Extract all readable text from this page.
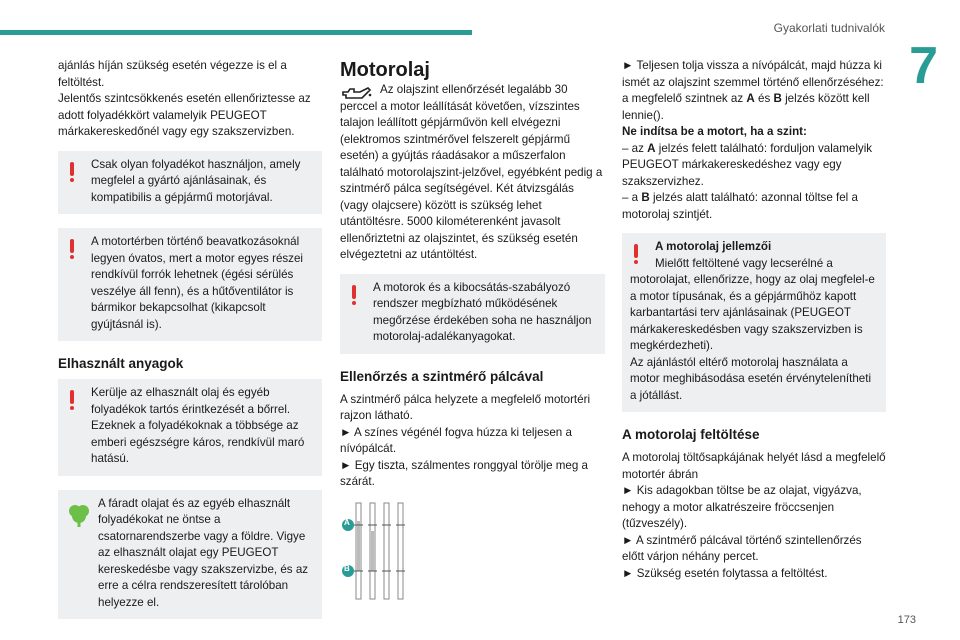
Gyakorlati tudnivalók
7
173

ajánlás híján szükség esetén végezze is el a feltöltést.

Jelentős szintcsökkenés esetén ellenőriztesse az adott folyadékkört valamelyik PEUGEOT márkakereskedőnél vagy egy szakszervizben.

Csak olyan folyadékot használjon, amely megfelel a gyártó ajánlásainak, és kompatibilis a gépjármű motorjával.
A motortérben történő beavatkozásoknál legyen óvatos, mert a motor egyes részei rendkívül forrók lehetnek (égési sérülés veszélye áll fenn), és a hűtőventilátor is bármikor bekapcsolhat (kikapcsolt gyújtásnál is).
Elhasznált anyagok
Kerülje az elhasznált olaj és egyéb folyadékok tartós érintkezését a bőrrel. Ezeknek a folyadékoknak a többsége az emberi egészségre káros, rendkívül maró hatású.
A fáradt olajat és az egyéb elhasznált folyadékokat ne öntse a csatornarendszerbe vagy a földre. Vigye az elhasznált olajat egy PEUGEOT kereskedésbe vagy szakszervizbe, és az erre a célra rendszeresített tárolóban helyezze el.
Motorolaj

Az olajszint ellenőrzését legalább 30 perccel a motor leállítását követően, vízszintes talajon leállított gépjárművön kell elvégezni (elektromos szintmérővel felszerelt gépjármű esetén) a gyújtás ráadásakor a műszerfalon található motorolajszint-jelzővel, egyébként pedig a szintmérő pálca segítségével. Két átvizsgálás (vagy olajcsere) között is szükség lehet utántöltésre. 5000 kilométerenként javasolt ellenőriztetni az olajszintet, és szükség esetén elvégeztetni az utántöltést.

A motorok és a kibocsátás-szabályozó rendszer megbízható működésének megőrzése érdekében soha ne használjon motorolaj-adalékanyagokat.
Ellenőrzés a szintmérő pálcával

A szintmérő pálca helyzete a megfelelő motortéri rajzon látható.

► A színes végénél fogva húzza ki teljesen a nívópálcát.

► Egy tiszta, szálmentes ronggyal törölje meg a szárát.

A
B

► Teljesen tolja vissza a nívópálcát, majd húzza ki ismét az olajszint szemmel történő ellenőrzéséhez: a megfelelő szintnek az A és B jelzés között kell lennie().

Ne indítsa be a motort, ha a szint:

– az A jelzés felett található: forduljon valamelyik PEUGEOT márkakereskedéshez vagy egy szakszervizhez.

– a B jelzés alatt található: azonnal töltse fel a motorolaj szintjét.

A motorolaj jellemzői
Mielőtt feltöltené vagy lecserélné a motorolajat, ellenőrizze, hogy az olaj megfelel-e a motor típusának, és a gépjárműhöz kapott karbantartási terv ajánlásainak (PEUGEOT márkakereskedésben vagy szakszervizben is megkérdezheti).
Az ajánlástól eltérő motorolaj használata a motor meghibásodása esetén érvénytelenítheti a jótállást.
A motorolaj feltöltése

A motorolaj töltősapkájának helyét lásd a megfelelő motortér ábrán

► Kis adagokban töltse be az olajat, vigyázva, nehogy a motor alkatrészeire fröccsenjen (tűzveszély).

► A szintmérő pálcával történő szintellenőrzés előtt várjon néhány percet.

► Szükség esetén folytassa a feltöltést.
